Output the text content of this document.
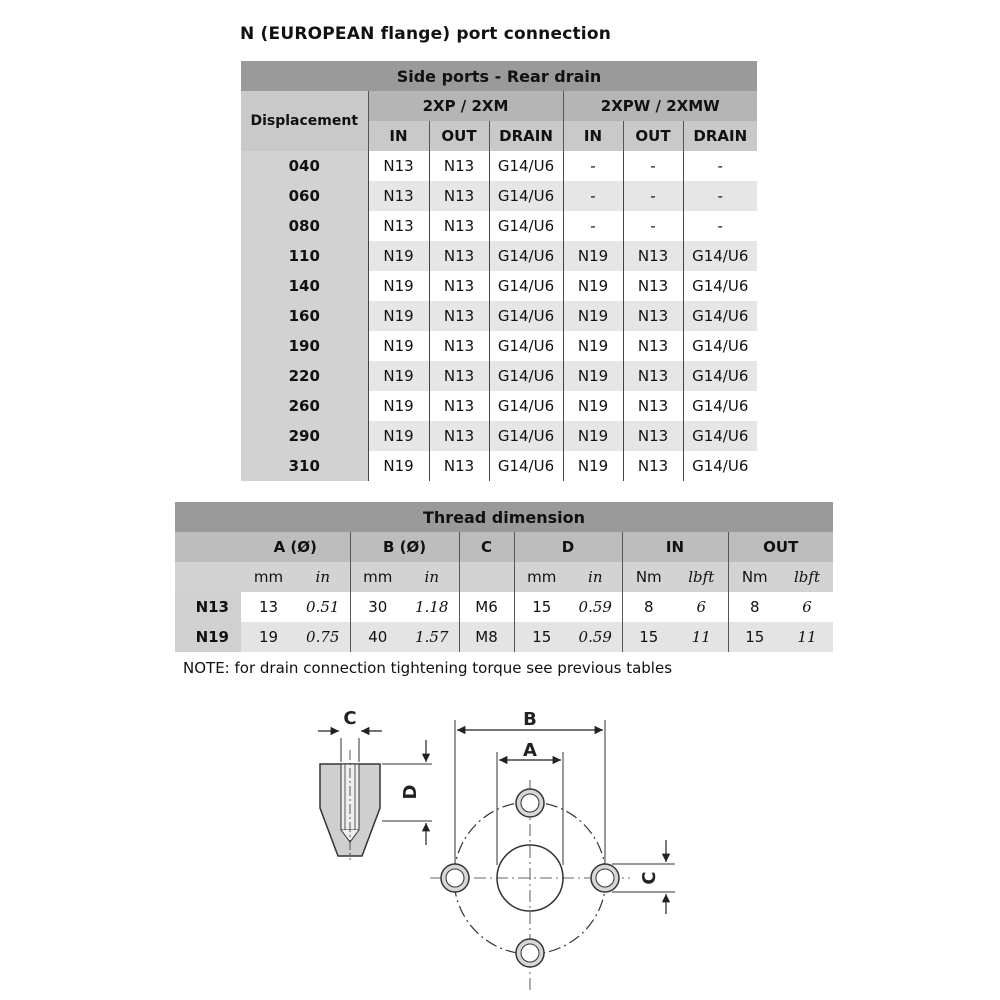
N (EUROPEAN flange) port connection
Side ports - Rear drain						
Displacement	2XP / 2XM			2XPW / 2XMW		
	IN	OUT	DRAIN	IN	OUT	DRAIN
040	N13	N13	G14/U6	-	-	-
060	N13	N13	G14/U6	-	-	-
080	N13	N13	G14/U6	-	-	-
110	N19	N13	G14/U6	N19	N13	G14/U6
140	N19	N13	G14/U6	N19	N13	G14/U6
160	N19	N13	G14/U6	N19	N13	G14/U6
190	N19	N13	G14/U6	N19	N13	G14/U6
220	N19	N13	G14/U6	N19	N13	G14/U6
260	N19	N13	G14/U6	N19	N13	G14/U6
290	N19	N13	G14/U6	N19	N13	G14/U6
310	N19	N13	G14/U6	N19	N13	G14/U6
Thread dimension											
	A (Ø)		B (Ø)		C	D		IN		OUT	
	mm	in	mm	in		mm	in	Nm	lbft	Nm	lbft
N13	13	0.51	30	1.18	M6	15	0.59	8	6	8	6
N19	19	0.75	40	1.57	M8	15	0.59	15	11	15	11
NOTE: for drain connection tightening torque see previous tables
C
D
B
A
C
